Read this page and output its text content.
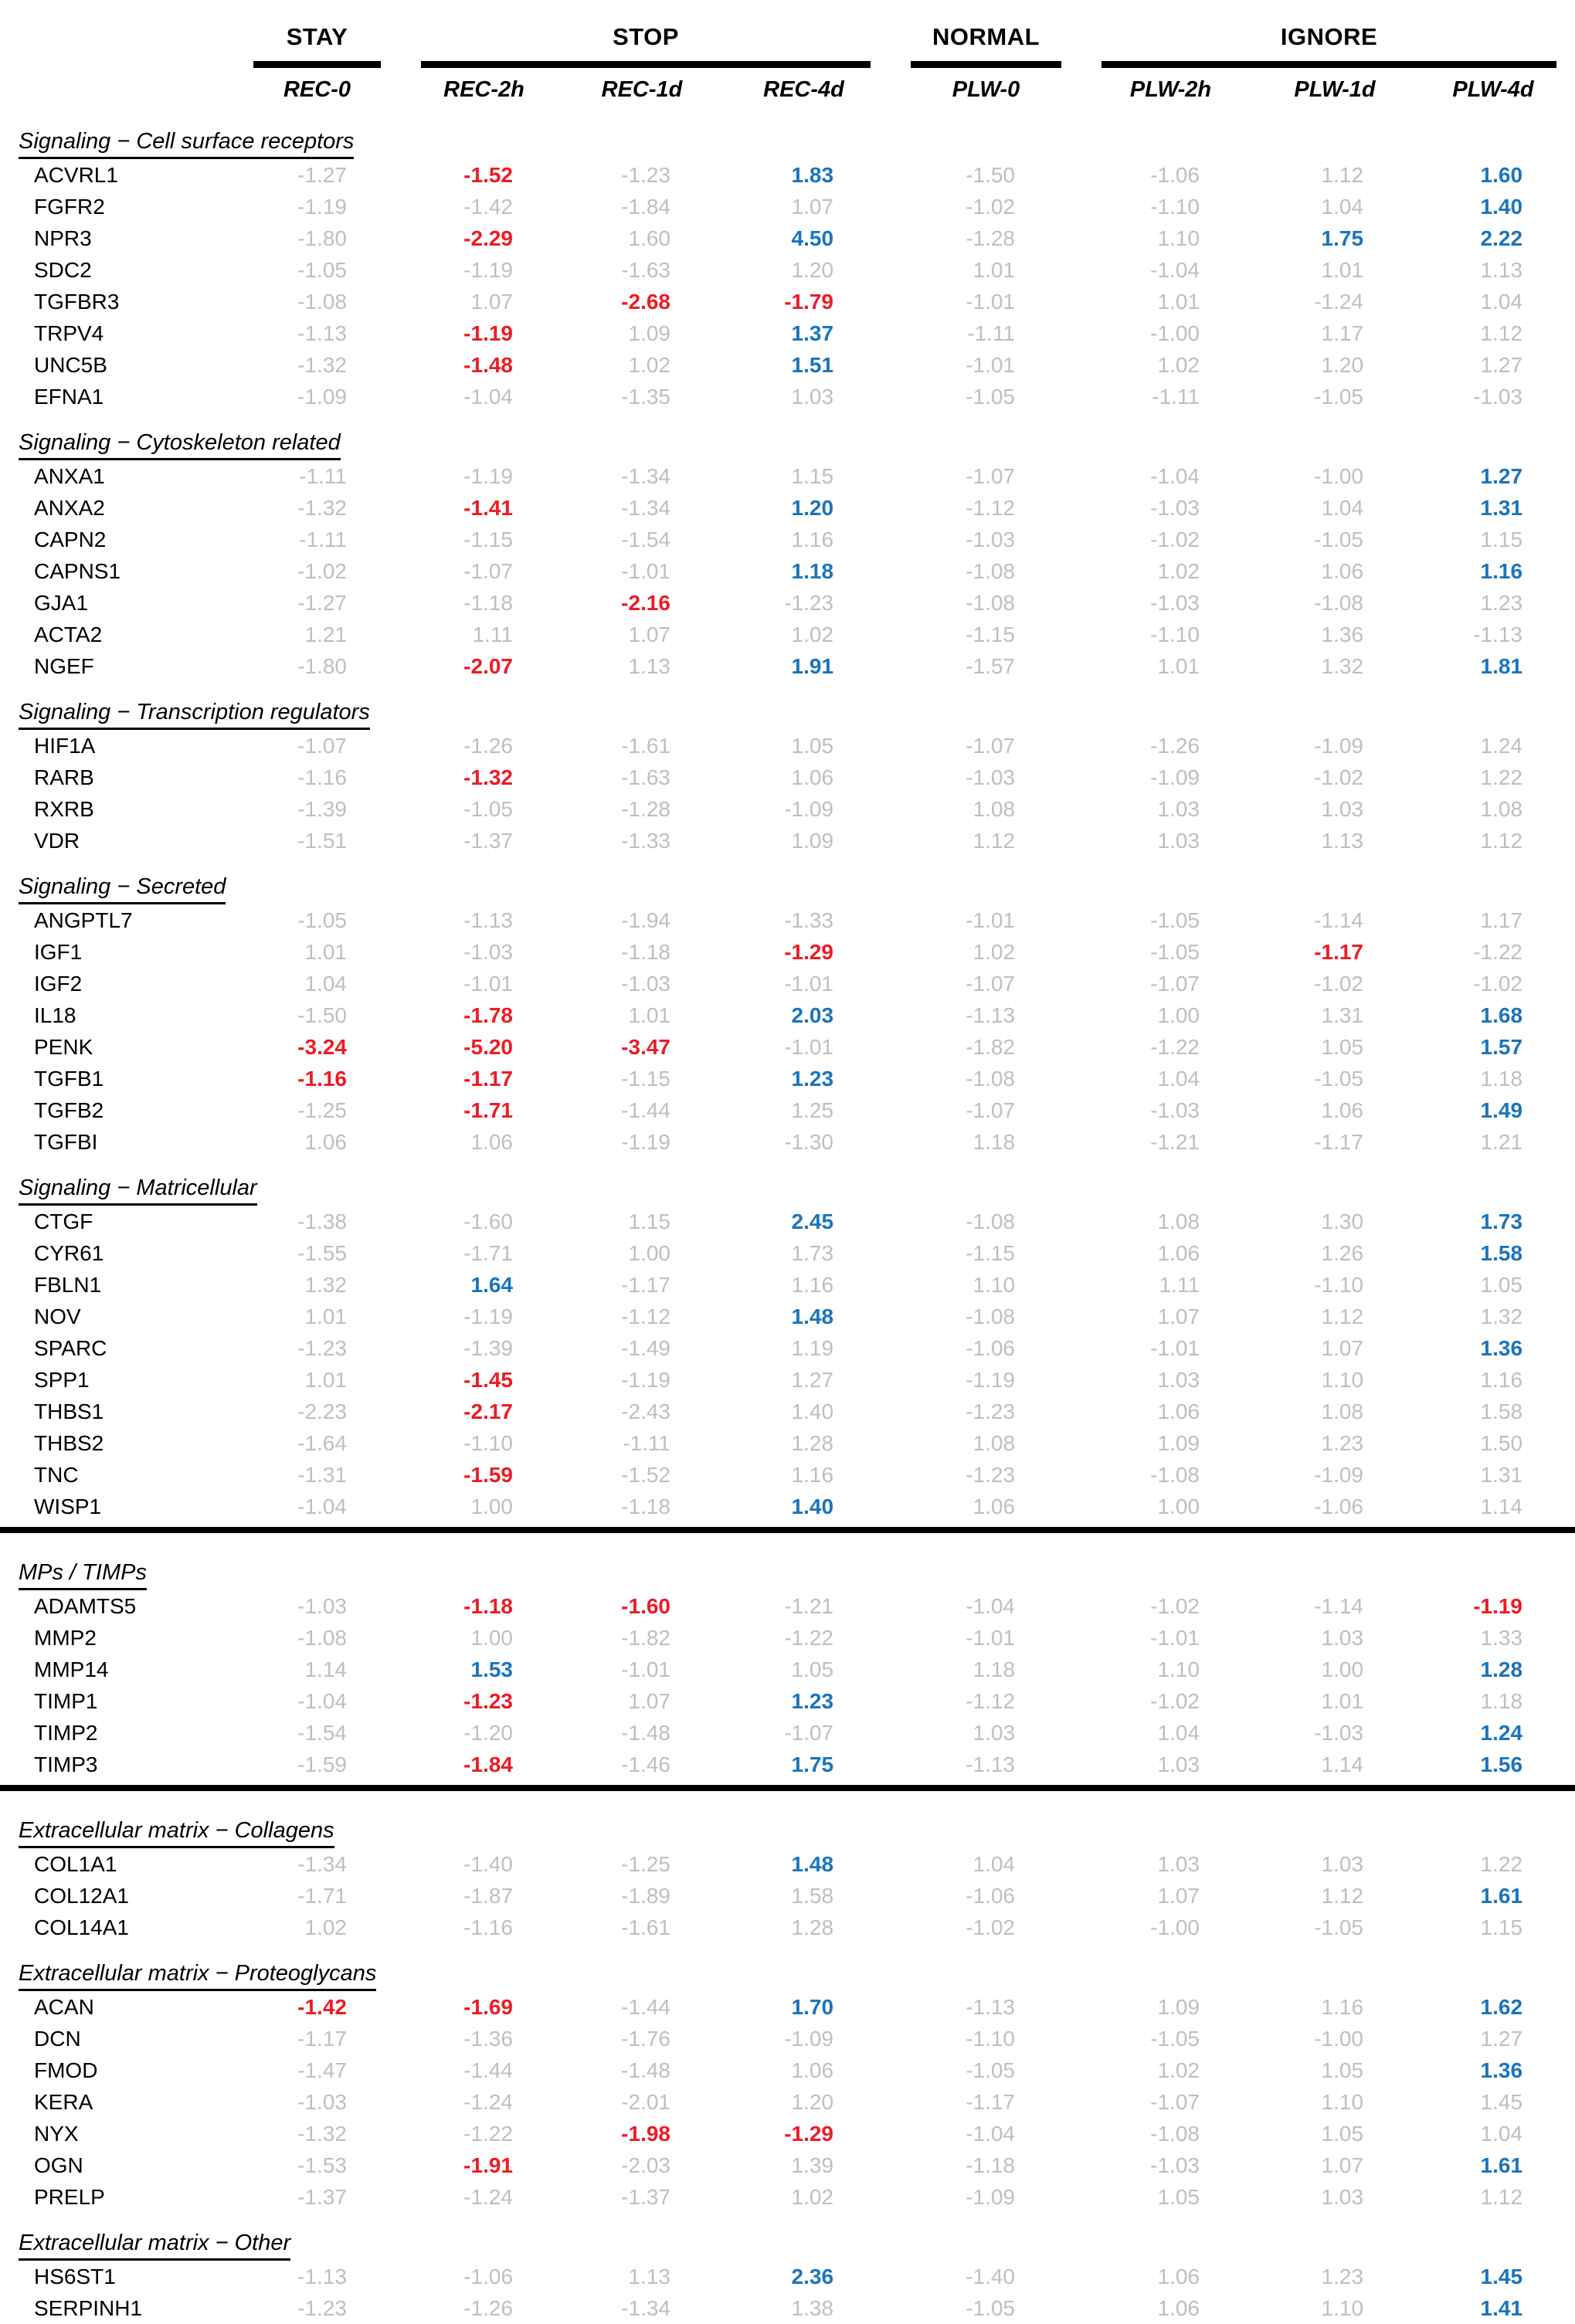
	STAY	STOP			NORMAL	IGNORE		

	REC-0	REC-2h	REC-1d	REC-4d	PLW-0	PLW-2h	PLW-1d	PLW-4d
Signaling − Cell surface receptors								
ACVRL1	-1.27	-1.52	-1.23	1.83	-1.50	-1.06	1.12	1.60
FGFR2	-1.19	-1.42	-1.84	1.07	-1.02	-1.10	1.04	1.40
NPR3	-1.80	-2.29	1.60	4.50	-1.28	1.10	1.75	2.22
SDC2	-1.05	-1.19	-1.63	1.20	1.01	-1.04	1.01	1.13
TGFBR3	-1.08	1.07	-2.68	-1.79	-1.01	1.01	-1.24	1.04
TRPV4	-1.13	-1.19	1.09	1.37	-1.11	-1.00	1.17	1.12
UNC5B	-1.32	-1.48	1.02	1.51	-1.01	1.02	1.20	1.27
EFNA1	-1.09	-1.04	-1.35	1.03	-1.05	-1.11	-1.05	-1.03
Signaling − Cytoskeleton related								
ANXA1	-1.11	-1.19	-1.34	1.15	-1.07	-1.04	-1.00	1.27
ANXA2	-1.32	-1.41	-1.34	1.20	-1.12	-1.03	1.04	1.31
CAPN2	-1.11	-1.15	-1.54	1.16	-1.03	-1.02	-1.05	1.15
CAPNS1	-1.02	-1.07	-1.01	1.18	-1.08	1.02	1.06	1.16
GJA1	-1.27	-1.18	-2.16	-1.23	-1.08	-1.03	-1.08	1.23
ACTA2	1.21	1.11	1.07	1.02	-1.15	-1.10	1.36	-1.13
NGEF	-1.80	-2.07	1.13	1.91	-1.57	1.01	1.32	1.81
Signaling − Transcription regulators								
HIF1A	-1.07	-1.26	-1.61	1.05	-1.07	-1.26	-1.09	1.24
RARB	-1.16	-1.32	-1.63	1.06	-1.03	-1.09	-1.02	1.22
RXRB	-1.39	-1.05	-1.28	-1.09	1.08	1.03	1.03	1.08
VDR	-1.51	-1.37	-1.33	1.09	1.12	1.03	1.13	1.12
Signaling − Secreted								
ANGPTL7	-1.05	-1.13	-1.94	-1.33	-1.01	-1.05	-1.14	1.17
IGF1	1.01	-1.03	-1.18	-1.29	1.02	-1.05	-1.17	-1.22
IGF2	1.04	-1.01	-1.03	-1.01	-1.07	-1.07	-1.02	-1.02
IL18	-1.50	-1.78	1.01	2.03	-1.13	1.00	1.31	1.68
PENK	-3.24	-5.20	-3.47	-1.01	-1.82	-1.22	1.05	1.57
TGFB1	-1.16	-1.17	-1.15	1.23	-1.08	1.04	-1.05	1.18
TGFB2	-1.25	-1.71	-1.44	1.25	-1.07	-1.03	1.06	1.49
TGFBI	1.06	1.06	-1.19	-1.30	1.18	-1.21	-1.17	1.21
Signaling − Matricellular								
CTGF	-1.38	-1.60	1.15	2.45	-1.08	1.08	1.30	1.73
CYR61	-1.55	-1.71	1.00	1.73	-1.15	1.06	1.26	1.58
FBLN1	1.32	1.64	-1.17	1.16	1.10	1.11	-1.10	1.05
NOV	1.01	-1.19	-1.12	1.48	-1.08	1.07	1.12	1.32
SPARC	-1.23	-1.39	-1.49	1.19	-1.06	-1.01	1.07	1.36
SPP1	1.01	-1.45	-1.19	1.27	-1.19	1.03	1.10	1.16
THBS1	-2.23	-2.17	-2.43	1.40	-1.23	1.06	1.08	1.58
THBS2	-1.64	-1.10	-1.11	1.28	1.08	1.09	1.23	1.50
TNC	-1.31	-1.59	-1.52	1.16	-1.23	-1.08	-1.09	1.31
WISP1	-1.04	1.00	-1.18	1.40	1.06	1.00	-1.06	1.14

MPs / TIMPs								
ADAMTS5	-1.03	-1.18	-1.60	-1.21	-1.04	-1.02	-1.14	-1.19
MMP2	-1.08	1.00	-1.82	-1.22	-1.01	-1.01	1.03	1.33
MMP14	1.14	1.53	-1.01	1.05	1.18	1.10	1.00	1.28
TIMP1	-1.04	-1.23	1.07	1.23	-1.12	-1.02	1.01	1.18
TIMP2	-1.54	-1.20	-1.48	-1.07	1.03	1.04	-1.03	1.24
TIMP3	-1.59	-1.84	-1.46	1.75	-1.13	1.03	1.14	1.56

Extracellular matrix − Collagens								
COL1A1	-1.34	-1.40	-1.25	1.48	1.04	1.03	1.03	1.22
COL12A1	-1.71	-1.87	-1.89	1.58	-1.06	1.07	1.12	1.61
COL14A1	1.02	-1.16	-1.61	1.28	-1.02	-1.00	-1.05	1.15
Extracellular matrix − Proteoglycans								
ACAN	-1.42	-1.69	-1.44	1.70	-1.13	1.09	1.16	1.62
DCN	-1.17	-1.36	-1.76	-1.09	-1.10	-1.05	-1.00	1.27
FMOD	-1.47	-1.44	-1.48	1.06	-1.05	1.02	1.05	1.36
KERA	-1.03	-1.24	-2.01	1.20	-1.17	-1.07	1.10	1.45
NYX	-1.32	-1.22	-1.98	-1.29	-1.04	-1.08	1.05	1.04
OGN	-1.53	-1.91	-2.03	1.39	-1.18	-1.03	1.07	1.61
PRELP	-1.37	-1.24	-1.37	1.02	-1.09	1.05	1.03	1.12
Extracellular matrix − Other								
HS6ST1	-1.13	-1.06	1.13	2.36	-1.40	1.06	1.23	1.45
SERPINH1	-1.23	-1.26	-1.34	1.38	-1.05	1.06	1.10	1.41
